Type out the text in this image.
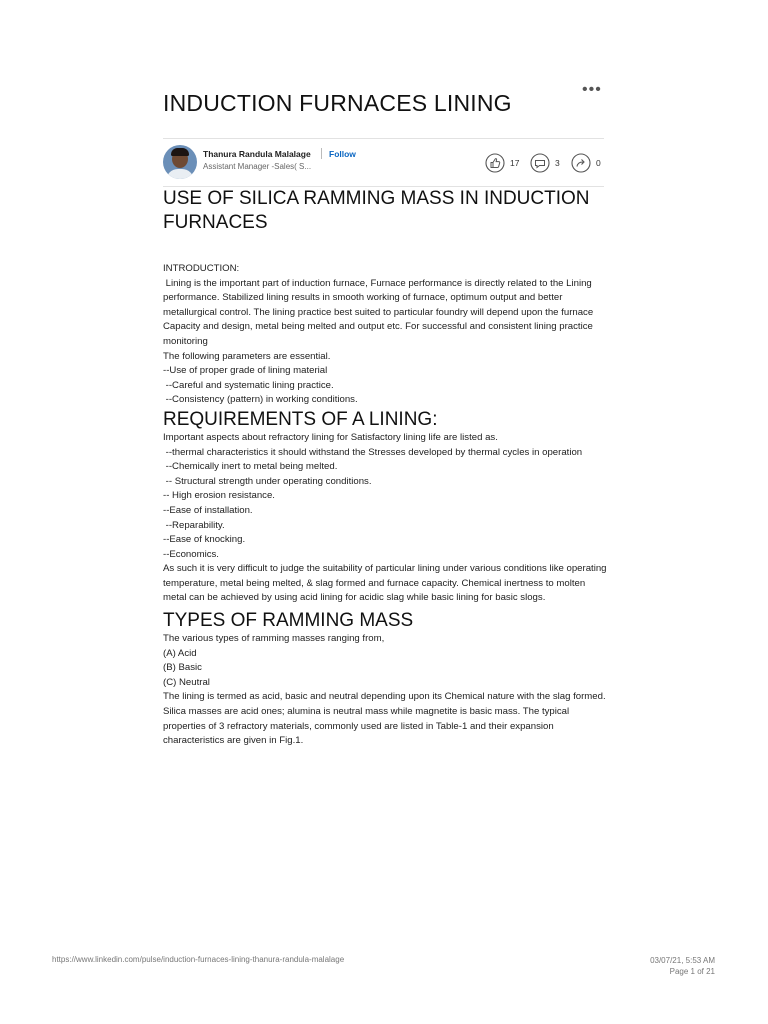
•••
INDUCTION FURNACES LINING
Thanura Randula Malalage Follow
Assistant Manager -Sales( S...	17	3	0
USE OF SILICA RAMMING MASS IN INDUCTION FURNACES

INTRODUCTION:
Lining is the important part of induction furnace, Furnace performance is directly related to the Lining performance. Stabilized lining results in smooth working of furnace, optimum output and better metallurgical control. The lining practice best suited to particular foundry will depend upon the furnace Capacity and design, metal being melted and output etc. For successful and consistent lining practice monitoring
The following parameters are essential.
--Use of proper grade of lining material
--Careful and systematic lining practice.
--Consistency (pattern) in working conditions.

REQUIREMENTS OF A LINING:

Important aspects about refractory lining for Satisfactory lining life are listed as.
--thermal characteristics it should withstand the Stresses developed by thermal cycles in operation
--Chemically inert to metal being melted.
-- Structural strength under operating conditions.
-- High erosion resistance.
--Ease of installation.
--Reparability.
--Ease of knocking.
--Economics.
As such it is very difficult to judge the suitability of particular lining under various conditions like operating temperature, metal being melted, & slag formed and furnace capacity. Chemical inertness to molten metal can be achieved by using acid lining for acidic slag while basic lining for basic slogs.

TYPES OF RAMMING MASS

The various types of ramming masses ranging from,
(A) Acid
(B) Basic
(C) Neutral
The lining is termed as acid, basic and neutral depending upon its Chemical nature with the slag formed. Silica masses are acid ones; alumina is neutral mass while magnetite is basic mass. The typical properties of 3 refractory materials, commonly used are listed in Table-1 and their expansion characteristics are given in Fig.1.

https://www.linkedin.com/pulse/induction-furnaces-lining-thanura-randula-malalage	03/07/21, 5:53 AM
Page 1 of 21
